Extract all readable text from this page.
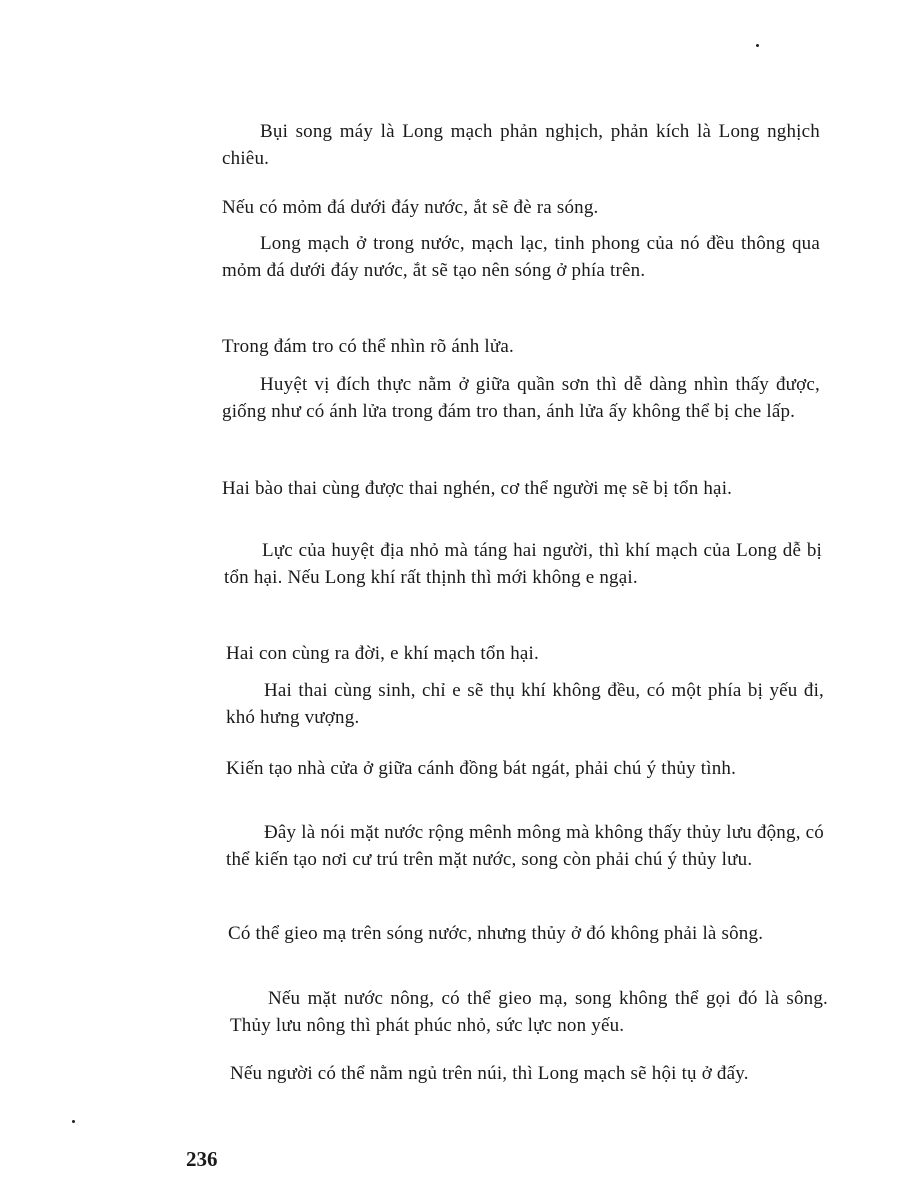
Bụi song máy là Long mạch phản nghịch, phản kích là Long nghịch chiêu.

Nếu có mỏm đá dưới đáy nước, ắt sẽ đè ra sóng.

Long mạch ở trong nước, mạch lạc, tinh phong của nó đều thông qua mỏm đá dưới đáy nước, ắt sẽ tạo nên sóng ở phía trên.

Trong đám tro có thể nhìn rõ ánh lửa.

Huyệt vị đích thực nằm ở giữa quần sơn thì dễ dàng nhìn thấy được, giống như có ánh lửa trong đám tro than, ánh lửa ấy không thể bị che lấp.

Hai bào thai cùng được thai nghén, cơ thể người mẹ sẽ bị tổn hại.

Lực của huyệt địa nhỏ mà táng hai người, thì khí mạch của Long dễ bị tổn hại. Nếu Long khí rất thịnh thì mới không e ngại.

Hai con cùng ra đời, e khí mạch tổn hại.

Hai thai cùng sinh, chỉ e sẽ thụ khí không đều, có một phía bị yếu đi, khó hưng vượng.

Kiến tạo nhà cửa ở giữa cánh đồng bát ngát, phải chú ý thủy tình.

Đây là nói mặt nước rộng mênh mông mà không thấy thủy lưu động, có thể kiến tạo nơi cư trú trên mặt nước, song còn phải chú ý thủy lưu.

Có thể gieo mạ trên sóng nước, nhưng thủy ở đó không phải là sông.

Nếu mặt nước nông, có thể gieo mạ, song không thể gọi đó là sông. Thủy lưu nông thì phát phúc nhỏ, sức lực non yếu.

Nếu người có thể nằm ngủ trên núi, thì Long mạch sẽ hội tụ ở đấy.

236
